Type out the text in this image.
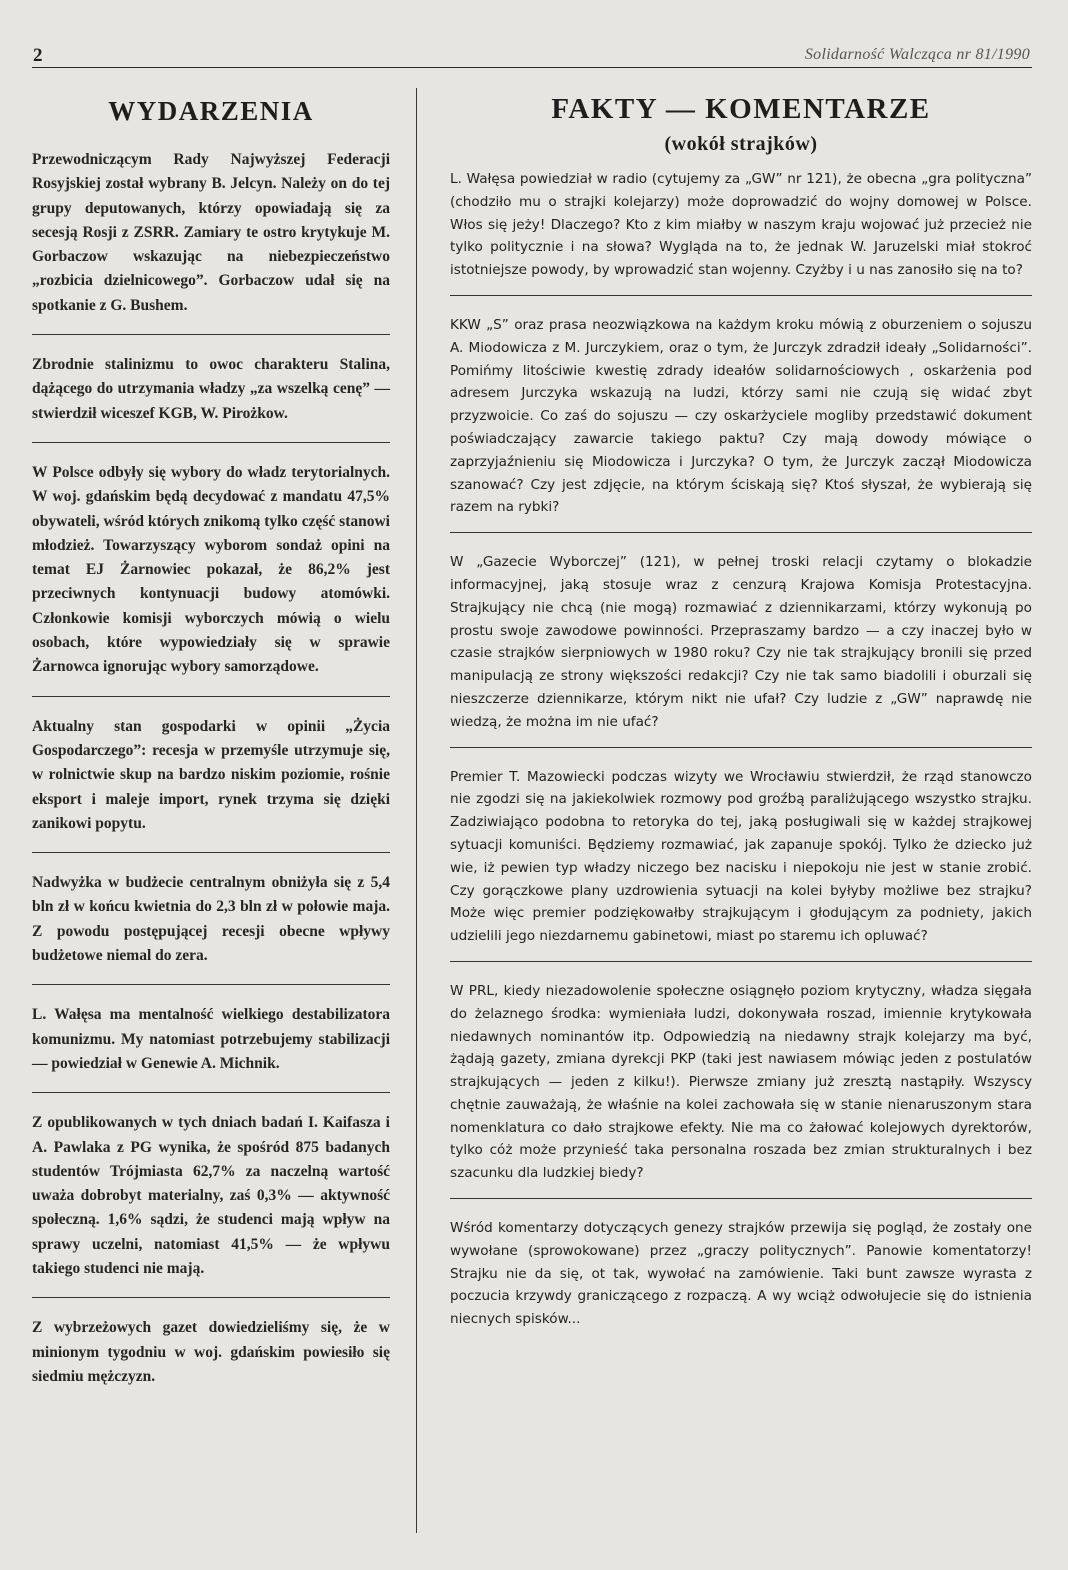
2	Solidarność Walcząca nr 81/1990
WYDARZENIA

Przewodniczącym Rady Najwyższej Federacji Rosyjskiej został wybrany B. Jelcyn. Należy on do tej grupy deputowanych, którzy opowiadają się za secesją Rosji z ZSRR. Zamiary te ostro krytykuje M. Gorbaczow wskazując na niebezpieczeństwo „rozbicia dzielnicowego”. Gorbaczow udał się na spotkanie z G. Bushem.

Zbrodnie stalinizmu to owoc charakteru Stalina, dążącego do utrzymania władzy „za wszelką cenę” — stwierdził wiceszef KGB, W. Pirożkow.

W Polsce odbyły się wybory do władz terytorialnych. W woj. gdańskim będą decydować z mandatu 47,5% obywateli, wśród których znikomą tylko część stanowi młodzież. Towarzyszący wyborom sondaż opini na temat EJ Żarnowiec pokazał, że 86,2% jest przeciwnych kontynuacji budowy atomówki. Członkowie komisji wyborczych mówią o wielu osobach, które wypowiedziały się w sprawie Żarnowca ignorując wybory samorządowe.

Aktualny stan gospodarki w opinii „Życia Gospodarczego”: recesja w przemyśle utrzymuje się, w rolnictwie skup na bardzo niskim poziomie, rośnie eksport i maleje import, rynek trzyma się dzięki zanikowi popytu.

Nadwyżka w budżecie centralnym obniżyła się z 5,4 bln zł w końcu kwietnia do 2,3 bln zł w połowie maja. Z powodu postępującej recesji obecne wpływy budżetowe niemal do zera.

L. Wałęsa ma mentalność wielkiego destabilizatora komunizmu. My natomiast potrzebujemy stabilizacji — powiedział w Genewie A. Michnik.

Z opublikowanych w tych dniach badań I. Kaifasza i A. Pawlaka z PG wynika, że spośród 875 badanych studentów Trójmiasta 62,7% za naczelną wartość uważa dobrobyt materialny, zaś 0,3% — aktywność społeczną. 1,6% sądzi, że studenci mają wpływ na sprawy uczelni, natomiast 41,5% — że wpływu takiego studenci nie mają.

Z wybrzeżowych gazet dowiedzieliśmy się, że w minionym tygodniu w woj. gdańskim powiesiło się siedmiu mężczyzn.

FAKTY — KOMENTARZE
(wokół strajków)

L. Wałęsa powiedział w radio (cytujemy za „GW” nr 121), że obecna „gra polityczna” (chodziło mu o strajki kolejarzy) może doprowadzić do wojny domowej w Polsce. Włos się jeży! Dlaczego? Kto z kim miałby w naszym kraju wojować już przecież nie tylko politycznie i na słowa? Wygląda na to, że jednak W. Jaruzelski miał stokroć istotniejsze powody, by wprowadzić stan wojenny. Czyżby i u nas zanosiło się na to?

KKW „S” oraz prasa neozwiązkowa na każdym kroku mówią z oburzeniem o sojuszu A. Miodowicza z M. Jurczykiem, oraz o tym, że Jurczyk zdradził ideały „Solidarności”. Pomińmy litościwie kwestię zdrady ideałów solidarnościowych , oskarżenia pod adresem Jurczyka wskazują na ludzi, którzy sami nie czują się widać zbyt przyzwoicie. Co zaś do sojuszu — czy oskarżyciele mogliby przedstawić dokument poświadczający zawarcie takiego paktu? Czy mają dowody mówiące o zaprzyjaźnieniu się Miodowicza i Jurczyka? O tym, że Jurczyk zaczął Miodowicza szanować? Czy jest zdjęcie, na którym ściskają się? Ktoś słyszał, że wybierają się razem na rybki?

W „Gazecie Wyborczej” (121), w pełnej troski relacji czytamy o blokadzie informacyjnej, jaką stosuje wraz z cenzurą Krajowa Komisja Protestacyjna. Strajkujący nie chcą (nie mogą) rozmawiać z dziennikarzami, którzy wykonują po prostu swoje zawodowe powinności. Przepraszamy bardzo — a czy inaczej było w czasie strajków sierpniowych w 1980 roku? Czy nie tak strajkujący bronili się przed manipulacją ze strony większości redakcji? Czy nie tak samo biadolili i oburzali się nieszczerze dziennikarze, którym nikt nie ufał? Czy ludzie z „GW” naprawdę nie wiedzą, że można im nie ufać?

Premier T. Mazowiecki podczas wizyty we Wrocławiu stwierdził, że rząd stanowczo nie zgodzi się na jakiekolwiek rozmowy pod groźbą paraliżującego wszystko strajku. Zadziwiająco podobna to retoryka do tej, jaką posługiwali się w każdej strajkowej sytuacji komuniści. Będziemy rozmawiać, jak zapanuje spokój. Tylko że dziecko już wie, iż pewien typ władzy niczego bez nacisku i niepokoju nie jest w stanie zrobić. Czy gorączkowe plany uzdrowienia sytuacji na kolei byłyby możliwe bez strajku? Może więc premier podziękowałby strajkującym i głodującym za podniety, jakich udzielili jego niezdarnemu gabinetowi, miast po staremu ich opluwać?

W PRL, kiedy niezadowolenie społeczne osiągnęło poziom krytyczny, władza sięgała do żelaznego środka: wymieniała ludzi, dokonywała roszad, imiennie krytykowała niedawnych nominantów itp. Odpowiedzią na niedawny strajk kolejarzy ma być, żądają gazety, zmiana dyrekcji PKP (taki jest nawiasem mówiąc jeden z postulatów strajkujących — jeden z kilku!). Pierwsze zmiany już zresztą nastąpiły. Wszyscy chętnie zauważają, że właśnie na kolei zachowała się w stanie nienaruszonym stara nomenklatura co dało strajkowe efekty. Nie ma co żałować kolejowych dyrektorów, tylko cóż może przynieść taka personalna roszada bez zmian strukturalnych i bez szacunku dla ludzkiej biedy?

Wśród komentarzy dotyczących genezy strajków przewija się pogląd, że zostały one wywołane (sprowokowane) przez „graczy politycznych”. Panowie komentatorzy! Strajku nie da się, ot tak, wywołać na zamówienie. Taki bunt zawsze wyrasta z poczucia krzywdy graniczącego z rozpaczą. A wy wciąż odwołujecie się do istnienia niecnych spisków...
